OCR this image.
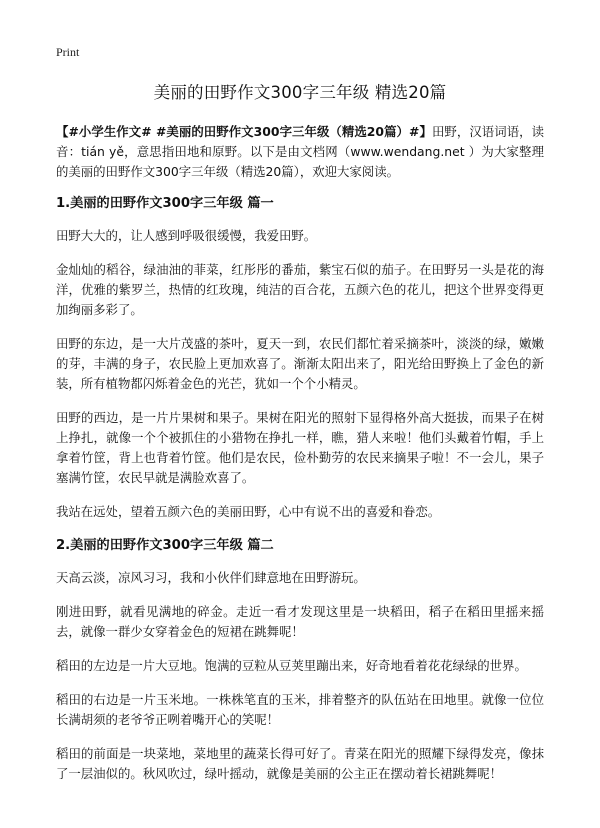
Print
美丽的田野作文300字三年级 精选20篇

【#小学生作文# #美丽的田野作文300字三年级（精选20篇）#】田野，汉语词语，读音：tián yě，意思指田地和原野。以下是由文档网（www.wendang.net ）为大家整理的美丽的田野作文300字三年级（精选20篇），欢迎大家阅读。

1.美丽的田野作文300字三年级 篇一

田野大大的，让人感到呼吸很缓慢，我爱田野。

金灿灿的稻谷，绿油油的菲菜，红彤彤的番茄，紫宝石似的茄子。在田野另一头是花的海洋，优雅的紫罗兰，热情的红玫瑰，纯洁的百合花，五颜六色的花儿，把这个世界变得更加绚丽多彩了。

田野的东边，是一大片茂盛的茶叶，夏天一到，农民们都忙着采摘茶叶，淡淡的绿，嫩嫩的芽，丰满的身子，农民脸上更加欢喜了。渐渐太阳出来了，阳光给田野换上了金色的新装，所有植物都闪烁着金色的光芒，犹如一个个小精灵。

田野的西边，是一片片果树和果子。果树在阳光的照射下显得格外高大挺拔，而果子在树上挣扎，就像一个个被抓住的小猎物在挣扎一样，瞧，猎人来啦！他们头戴着竹帽，手上拿着竹筐，背上也背着竹筐。他们是农民，俭朴勤劳的农民来摘果子啦！不一会儿，果子塞满竹筐，农民早就是满脸欢喜了。

我站在远处，望着五颜六色的美丽田野，心中有说不出的喜爱和眷恋。

2.美丽的田野作文300字三年级 篇二

天高云淡，凉风习习，我和小伙伴们肆意地在田野游玩。

刚进田野，就看见满地的碎金。走近一看才发现这里是一块稻田，稻子在稻田里摇来摇去，就像一群少女穿着金色的短裙在跳舞呢！

稻田的左边是一片大豆地。饱满的豆粒从豆荚里蹦出来，好奇地看着花花绿绿的世界。

稻田的右边是一片玉米地。一株株笔直的玉米，排着整齐的队伍站在田地里。就像一位位长满胡须的老爷爷正咧着嘴开心的笑呢！

稻田的前面是一块菜地，菜地里的蔬菜长得可好了。青菜在阳光的照耀下绿得发亮，像抹了一层油似的。秋风吹过，绿叶摇动，就像是美丽的公主正在摆动着长裙跳舞呢！
